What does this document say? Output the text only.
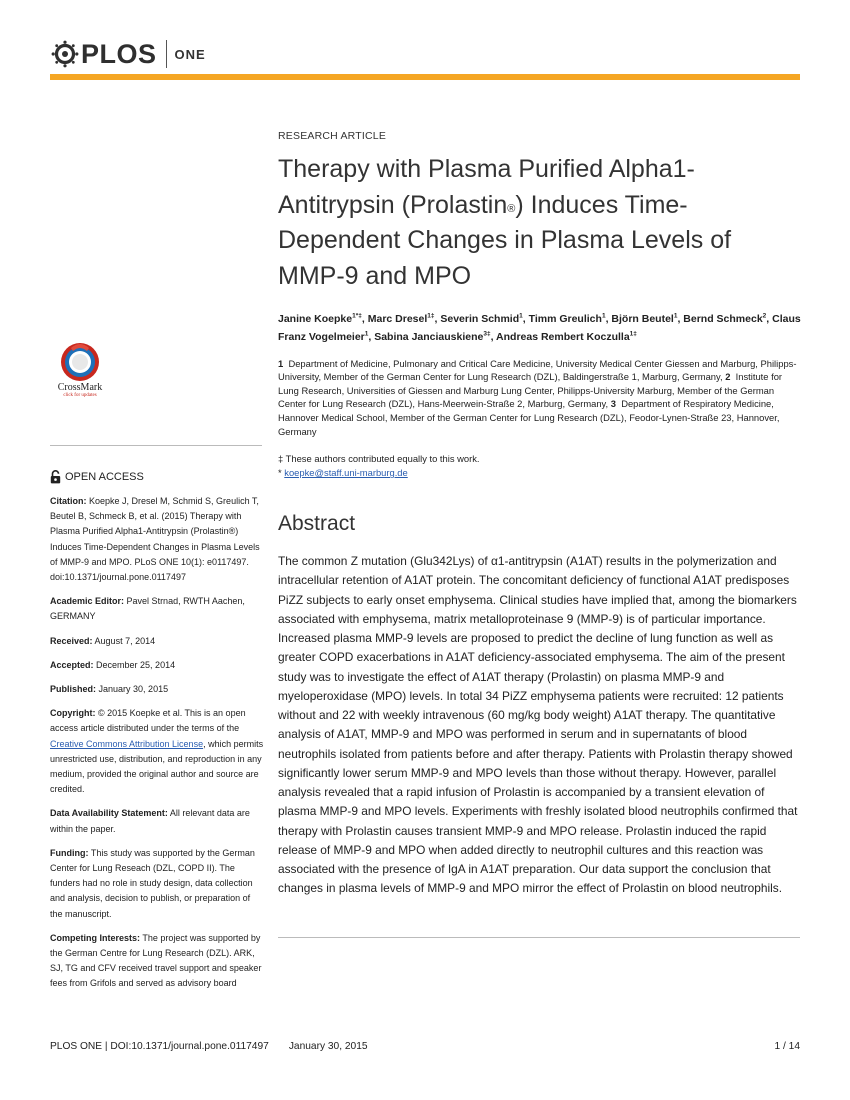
PLOS ONE
CrossMark
click for updates
OPEN ACCESS
Citation: Koepke J, Dresel M, Schmid S, Greulich T, Beutel B, Schmeck B, et al. (2015) Therapy with Plasma Purified Alpha1-Antitrypsin (Prolastin®) Induces Time-Dependent Changes in Plasma Levels of MMP-9 and MPO. PLoS ONE 10(1): e0117497. doi:10.1371/journal.pone.0117497
Academic Editor: Pavel Strnad, RWTH Aachen, GERMANY
Received: August 7, 2014
Accepted: December 25, 2014
Published: January 30, 2015
Copyright: © 2015 Koepke et al. This is an open access article distributed under the terms of the Creative Commons Attribution License, which permits unrestricted use, distribution, and reproduction in any medium, provided the original author and source are credited.
Data Availability Statement: All relevant data are within the paper.
Funding: This study was supported by the German Center for Lung Reseach (DZL, COPD II). The funders had no role in study design, data collection and analysis, decision to publish, or preparation of the manuscript.
Competing Interests: The project was supported by the German Centre for Lung Research (DZL). ARK, SJ, TG and CFV received travel support and speaker fees from Grifols and served as advisory board
RESEARCH ARTICLE
Therapy with Plasma Purified Alpha1-Antitrypsin (Prolastin®) Induces Time-Dependent Changes in Plasma Levels of MMP-9 and MPO
Janine Koepke$^{1*\ddagger}$, Marc Dresel$^{1\ddagger}$, Severin Schmid$^1$, Timm Greulich$^1$, Björn Beutel$^1$, Bernd Schmeck$^2$, Claus Franz Vogelmeier$^1$, Sabina Janciauskiene$^{3\ddagger}$, Andreas Rembert Koczulla$^{1\ddagger}$
1 Department of Medicine, Pulmonary and Critical Care Medicine, University Medical Center Giessen and Marburg, Philipps-University, Member of the German Center for Lung Research (DZL), Baldingerstraße 1, Marburg, Germany, 2 Institute for Lung Research, Universities of Giessen and Marburg Lung Center, Philipps-University Marburg, Member of the German Center for Lung Research (DZL), Hans-Meerwein-Straße 2, Marburg, Germany, 3 Department of Respiratory Medicine, Hannover Medical School, Member of the German Center for Lung Research (DZL), Feodor-Lynen-Straße 23, Hannover, Germany
‡ These authors contributed equally to this work.
* koepke@staff.uni-marburg.de
Abstract

The common Z mutation (Glu342Lys) of α1-antitrypsin (A1AT) results in the polymerization and intracellular retention of A1AT protein. The concomitant deficiency of functional A1AT predisposes PiZZ subjects to early onset emphysema. Clinical studies have implied that, among the biomarkers associated with emphysema, matrix metalloproteinase 9 (MMP-9) is of particular importance. Increased plasma MMP-9 levels are proposed to predict the decline of lung function as well as greater COPD exacerbations in A1AT deficiency-associated emphysema. The aim of the present study was to investigate the effect of A1AT therapy (Prolastin) on plasma MMP-9 and myeloperoxidase (MPO) levels. In total 34 PiZZ emphysema patients were recruited: 12 patients without and 22 with weekly intravenous (60 mg/kg body weight) A1AT therapy. The quantitative analysis of A1AT, MMP-9 and MPO was performed in serum and in supernatants of blood neutrophils isolated from patients before and after therapy. Patients with Prolastin therapy showed significantly lower serum MMP-9 and MPO levels than those without therapy. However, parallel analysis revealed that a rapid infusion of Prolastin is accompanied by a transient elevation of plasma MMP-9 and MPO levels. Experiments with freshly isolated blood neutrophils confirmed that therapy with Prolastin causes transient MMP-9 and MPO release. Prolastin induced the rapid release of MMP-9 and MPO when added directly to neutrophil cultures and this reaction was associated with the presence of IgA in A1AT preparation. Our data support the conclusion that changes in plasma levels of MMP-9 and MPO mirror the effect of Prolastin on blood neutrophils.

PLOS ONE | DOI:10.1371/journal.pone.0117497 January 30, 2015	1 / 14
